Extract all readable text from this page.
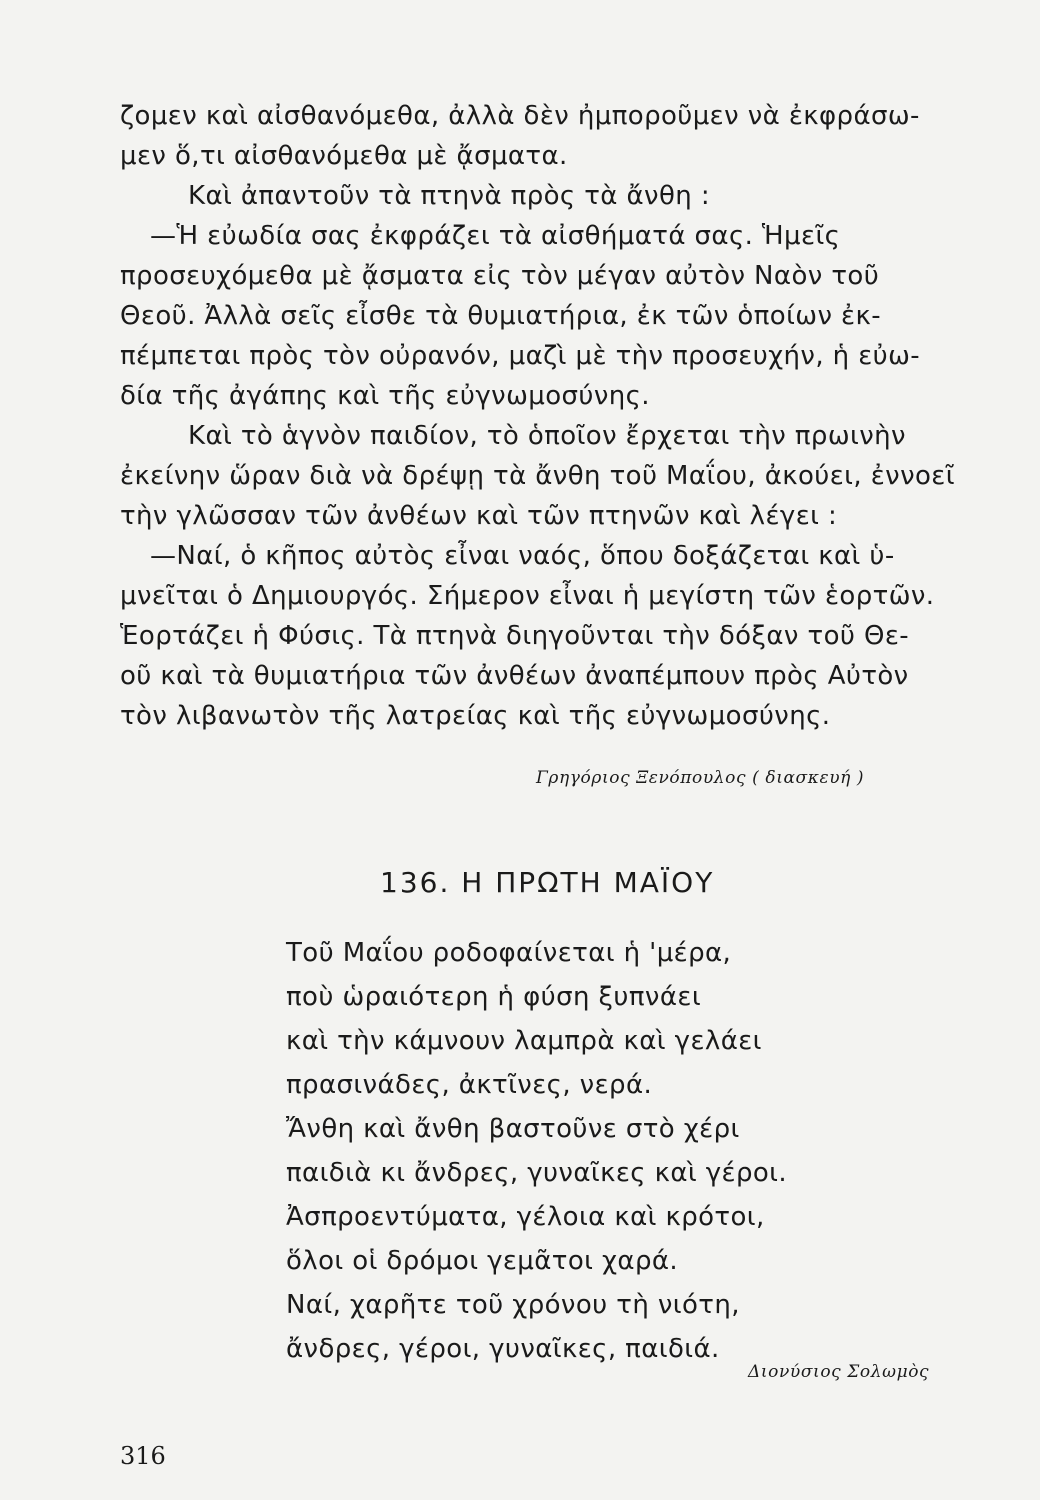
ζομεν καὶ αἰσθανόμεθα, ἀλλὰ δὲν ἠμποροῦμεν νὰ ἐκφράσω-
μεν ὅ,τι αἰσθανόμεθα μὲ ᾄσματα.
Καὶ ἀπαντοῦν τὰ πτηνὰ πρὸς τὰ ἄνθη :
—Ἡ εὐωδία σας ἐκφράζει τὰ αἰσθήματά σας. Ἡμεῖς
προσευχόμεθα μὲ ᾄσματα εἰς τὸν μέγαν αὐτὸν Ναὸν τοῦ
Θεοῦ. Ἀλλὰ σεῖς εἶσθε τὰ θυμιατήρια, ἐκ τῶν ὁποίων ἐκ-
πέμπεται πρὸς τὸν οὐρανόν, μαζὶ μὲ τὴν προσευχήν, ἡ εὐω-
δία τῆς ἀγάπης καὶ τῆς εὐγνωμοσύνης.
Καὶ τὸ ἁγνὸν παιδίον, τὸ ὁποῖον ἔρχεται τὴν πρωινὴν
ἐκείνην ὥραν διὰ νὰ δρέψῃ τὰ ἄνθη τοῦ Μαΐου, ἀκούει, ἐννοεῖ
τὴν γλῶσσαν τῶν ἀνθέων καὶ τῶν πτηνῶν καὶ λέγει :
—Ναί, ὁ κῆπος αὐτὸς εἶναι ναός, ὅπου δοξάζεται καὶ ὑ-
μνεῖται ὁ Δημιουργός. Σήμερον εἶναι ἡ μεγίστη τῶν ἑορτῶν.
Ἑορτάζει ἡ Φύσις. Τὰ πτηνὰ διηγοῦνται τὴν δόξαν τοῦ Θε-
οῦ καὶ τὰ θυμιατήρια τῶν ἀνθέων ἀναπέμπουν πρὸς Αὐτὸν
τὸν λιβανωτὸν τῆς λατρείας καὶ τῆς εὐγνωμοσύνης.
Γρηγόριος Ξενόπουλος ( διασκευή )
136. Η ΠΡΩΤΗ ΜΑΪΟΥ
Τοῦ Μαΐου ροδοφαίνεται ἡ 'μέρα,
ποὺ ὡραιότερη ἡ φύση ξυπνάει
καὶ τὴν κάμνουν λαμπρὰ καὶ γελάει
πρασινάδες, ἀκτῖνες, νερά.
Ἄνθη καὶ ἄνθη βαστοῦνε στὸ χέρι
παιδιὰ κι ἄνδρες, γυναῖκες καὶ γέροι.
Ἀσπροεντύματα, γέλοια καὶ κρότοι,
ὅλοι οἱ δρόμοι γεμᾶτοι χαρά.
Ναί, χαρῆτε τοῦ χρόνου τὴ νιότη,
ἄνδρες, γέροι, γυναῖκες, παιδιά.
Διονύσιος Σολωμὸς
316
